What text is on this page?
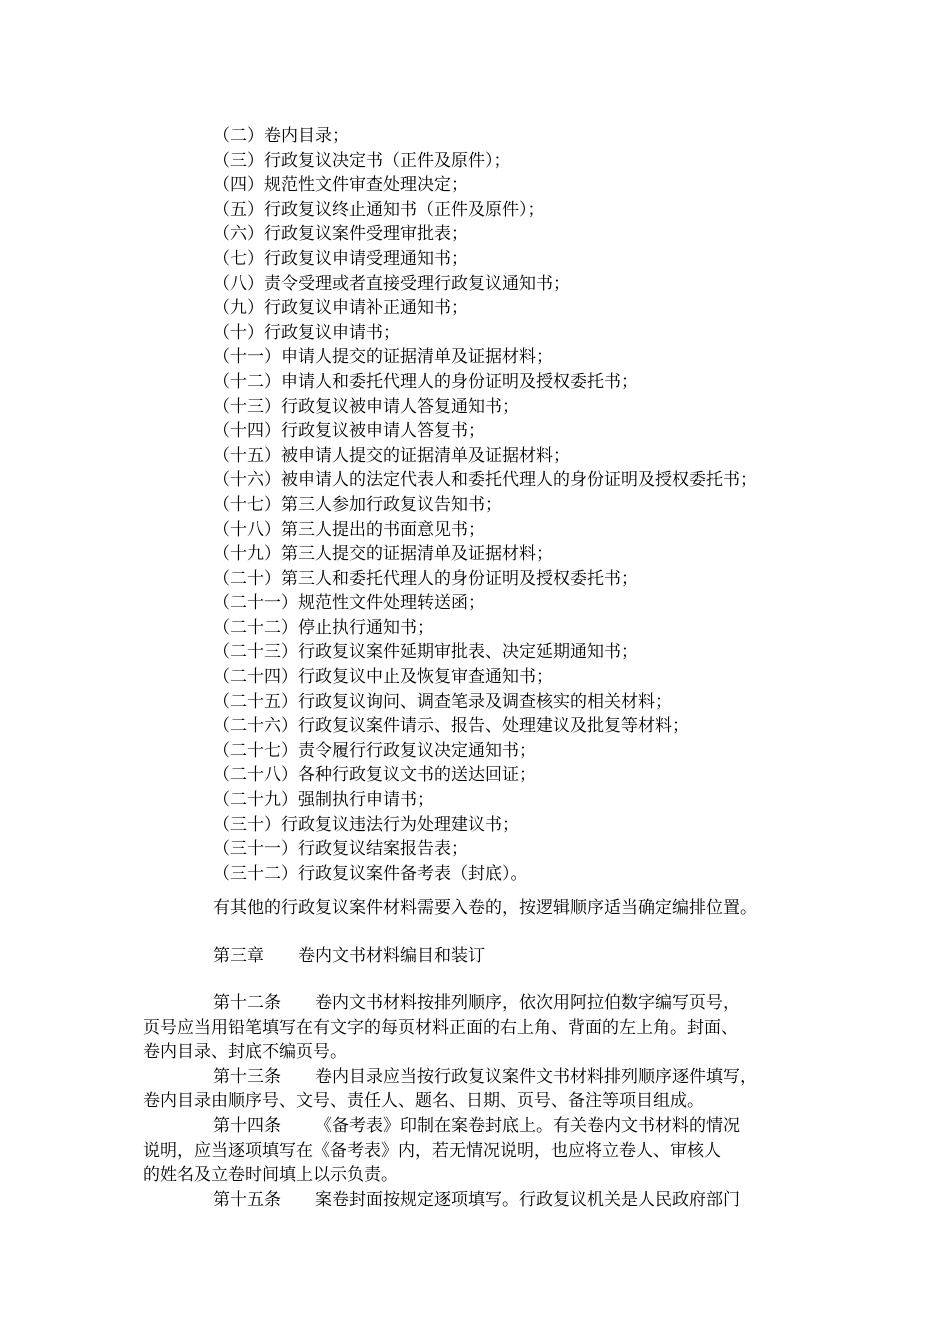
（二）卷内目录；
（三）行政复议决定书（正件及原件）；
（四）规范性文件审查处理决定；
（五）行政复议终止通知书（正件及原件）；
（六）行政复议案件受理审批表；
（七）行政复议申请受理通知书；
（八）责令受理或者直接受理行政复议通知书；
（九）行政复议申请补正通知书；
（十）行政复议申请书；
（十一）申请人提交的证据清单及证据材料；
（十二）申请人和委托代理人的身份证明及授权委托书；
（十三）行政复议被申请人答复通知书；
（十四）行政复议被申请人答复书；
（十五）被申请人提交的证据清单及证据材料；
（十六）被申请人的法定代表人和委托代理人的身份证明及授权委托书；
（十七）第三人参加行政复议告知书；
（十八）第三人提出的书面意见书；
（十九）第三人提交的证据清单及证据材料；
（二十）第三人和委托代理人的身份证明及授权委托书；
（二十一）规范性文件处理转送函；
（二十二）停止执行通知书；
（二十三）行政复议案件延期审批表、决定延期通知书；
（二十四）行政复议中止及恢复审查通知书；
（二十五）行政复议询问、调查笔录及调查核实的相关材料；
（二十六）行政复议案件请示、报告、处理建议及批复等材料；
（二十七）责令履行行政复议决定通知书；
（二十八）各种行政复议文书的送达回证；
（二十九）强制执行申请书；
（三十）行政复议违法行为处理建议书；
（三十一）行政复议结案报告表；
（三十二）行政复议案件备考表（封底）。
有其他的行政复议案件材料需要入卷的，按逻辑顺序适当确定编排位置。
第三章 卷内文书材料编目和装订
第十二条 卷内文书材料按排列顺序，依次用阿拉伯数字编写页号，
页号应当用铅笔填写在有文字的每页材料正面的右上角、背面的左上角。封面、
卷内目录、封底不编页号。
第十三条 卷内目录应当按行政复议案件文书材料排列顺序逐件填写，
卷内目录由顺序号、文号、责任人、题名、日期、页号、备注等项目组成。
第十四条 《备考表》印制在案卷封底上。有关卷内文书材料的情况
说明，应当逐项填写在《备考表》内，若无情况说明，也应将立卷人、审核人
的姓名及立卷时间填上以示负责。
第十五条 案卷封面按规定逐项填写。行政复议机关是人民政府部门
